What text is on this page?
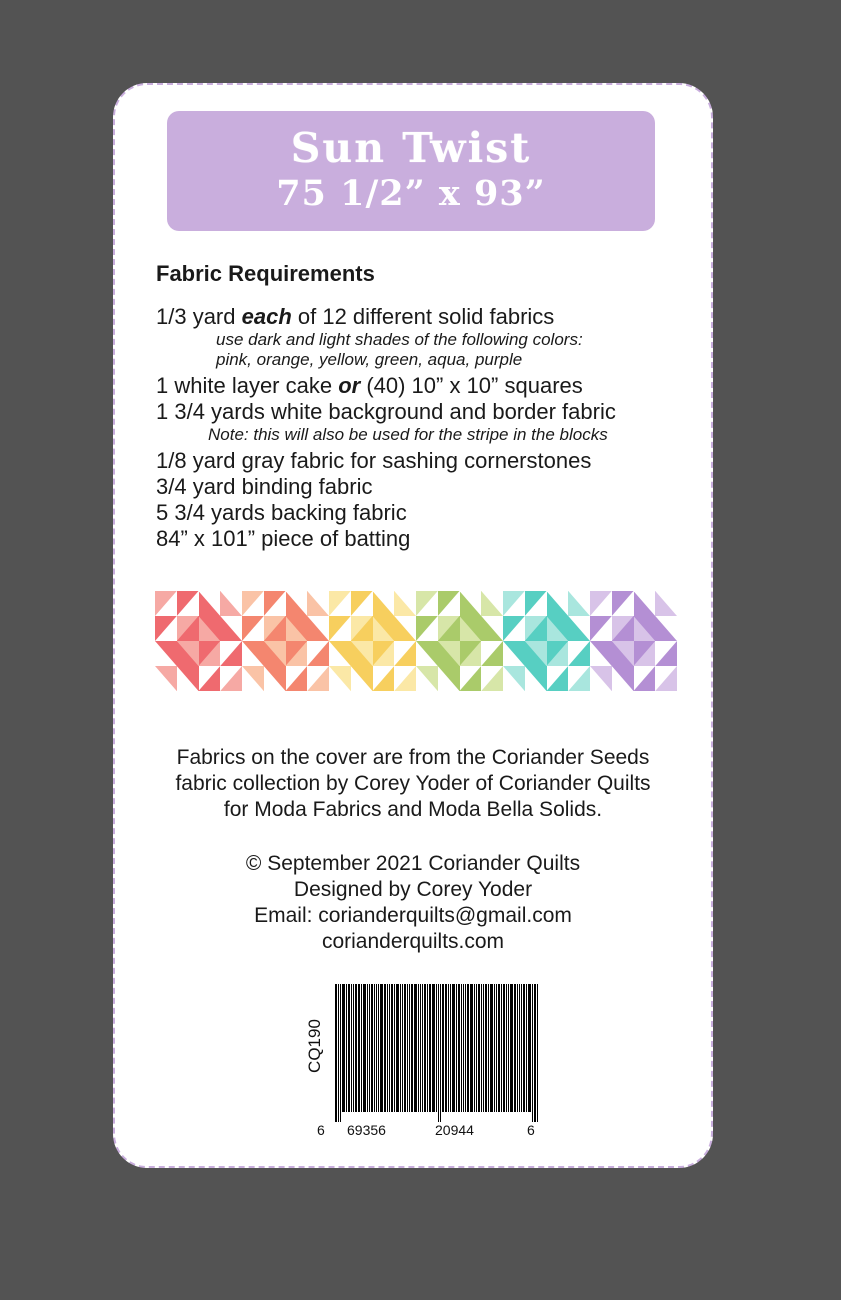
Sun Twist
75 1/2” x 93”
Fabric Requirements
1/3 yard each of 12 different solid fabrics
use dark and light shades of the following colors:
pink, orange, yellow, green, aqua, purple
1 white layer cake or (40) 10” x 10” squares
1 3/4 yards white background and border fabric
Note: this will also be used for the stripe in the blocks
1/8 yard gray fabric for sashing cornerstones
3/4 yard binding fabric
5 3/4 yards backing fabric
84” x 101” piece of batting
Fabrics on the cover are from the Coriander Seeds
fabric collection by Corey Yoder of Coriander Quilts
for Moda Fabrics and Moda Bella Solids.
© September 2021 Coriander Quilts
Designed by Corey Yoder
Email: corianderquilts@gmail.com
corianderquilts.com
CQ190
6 69356	20944	6
